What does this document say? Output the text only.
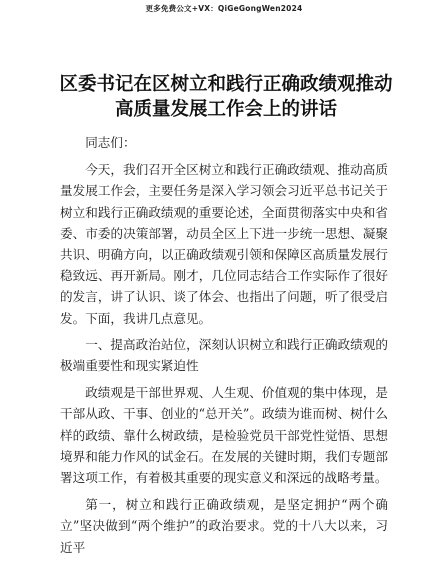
更多免费公文+VX：QiGeGongWen2024
区委书记在区树立和践行正确政绩观推动高质量发展工作会上的讲话

同志们：

今天，我们召开全区树立和践行正确政绩观、推动高质量发展工作会，主要任务是深入学习领会习近平总书记关于树立和践行正确政绩观的重要论述，全面贯彻落实中央和省委、市委的决策部署，动员全区上下进一步统一思想、凝聚共识、明确方向，以正确政绩观引领和保障区高质量发展行稳致远、再开新局。刚才，几位同志结合工作实际作了很好的发言，讲了认识、谈了体会、也指出了问题，听了很受启发。下面，我讲几点意见。

一、提高政治站位，深刻认识树立和践行正确政绩观的极端重要性和现实紧迫性

政绩观是干部世界观、人生观、价值观的集中体现，是干部从政、干事、创业的“总开关”。政绩为谁而树、树什么样的政绩、靠什么树政绩，是检验党员干部党性觉悟、思想境界和能力作风的试金石。在发展的关键时期，我们专题部署这项工作，有着极其重要的现实意义和深远的战略考量。

第一，树立和践行正确政绩观，是坚定拥护“两个确立”坚决做到“两个维护”的政治要求。党的十八大以来，习近平
